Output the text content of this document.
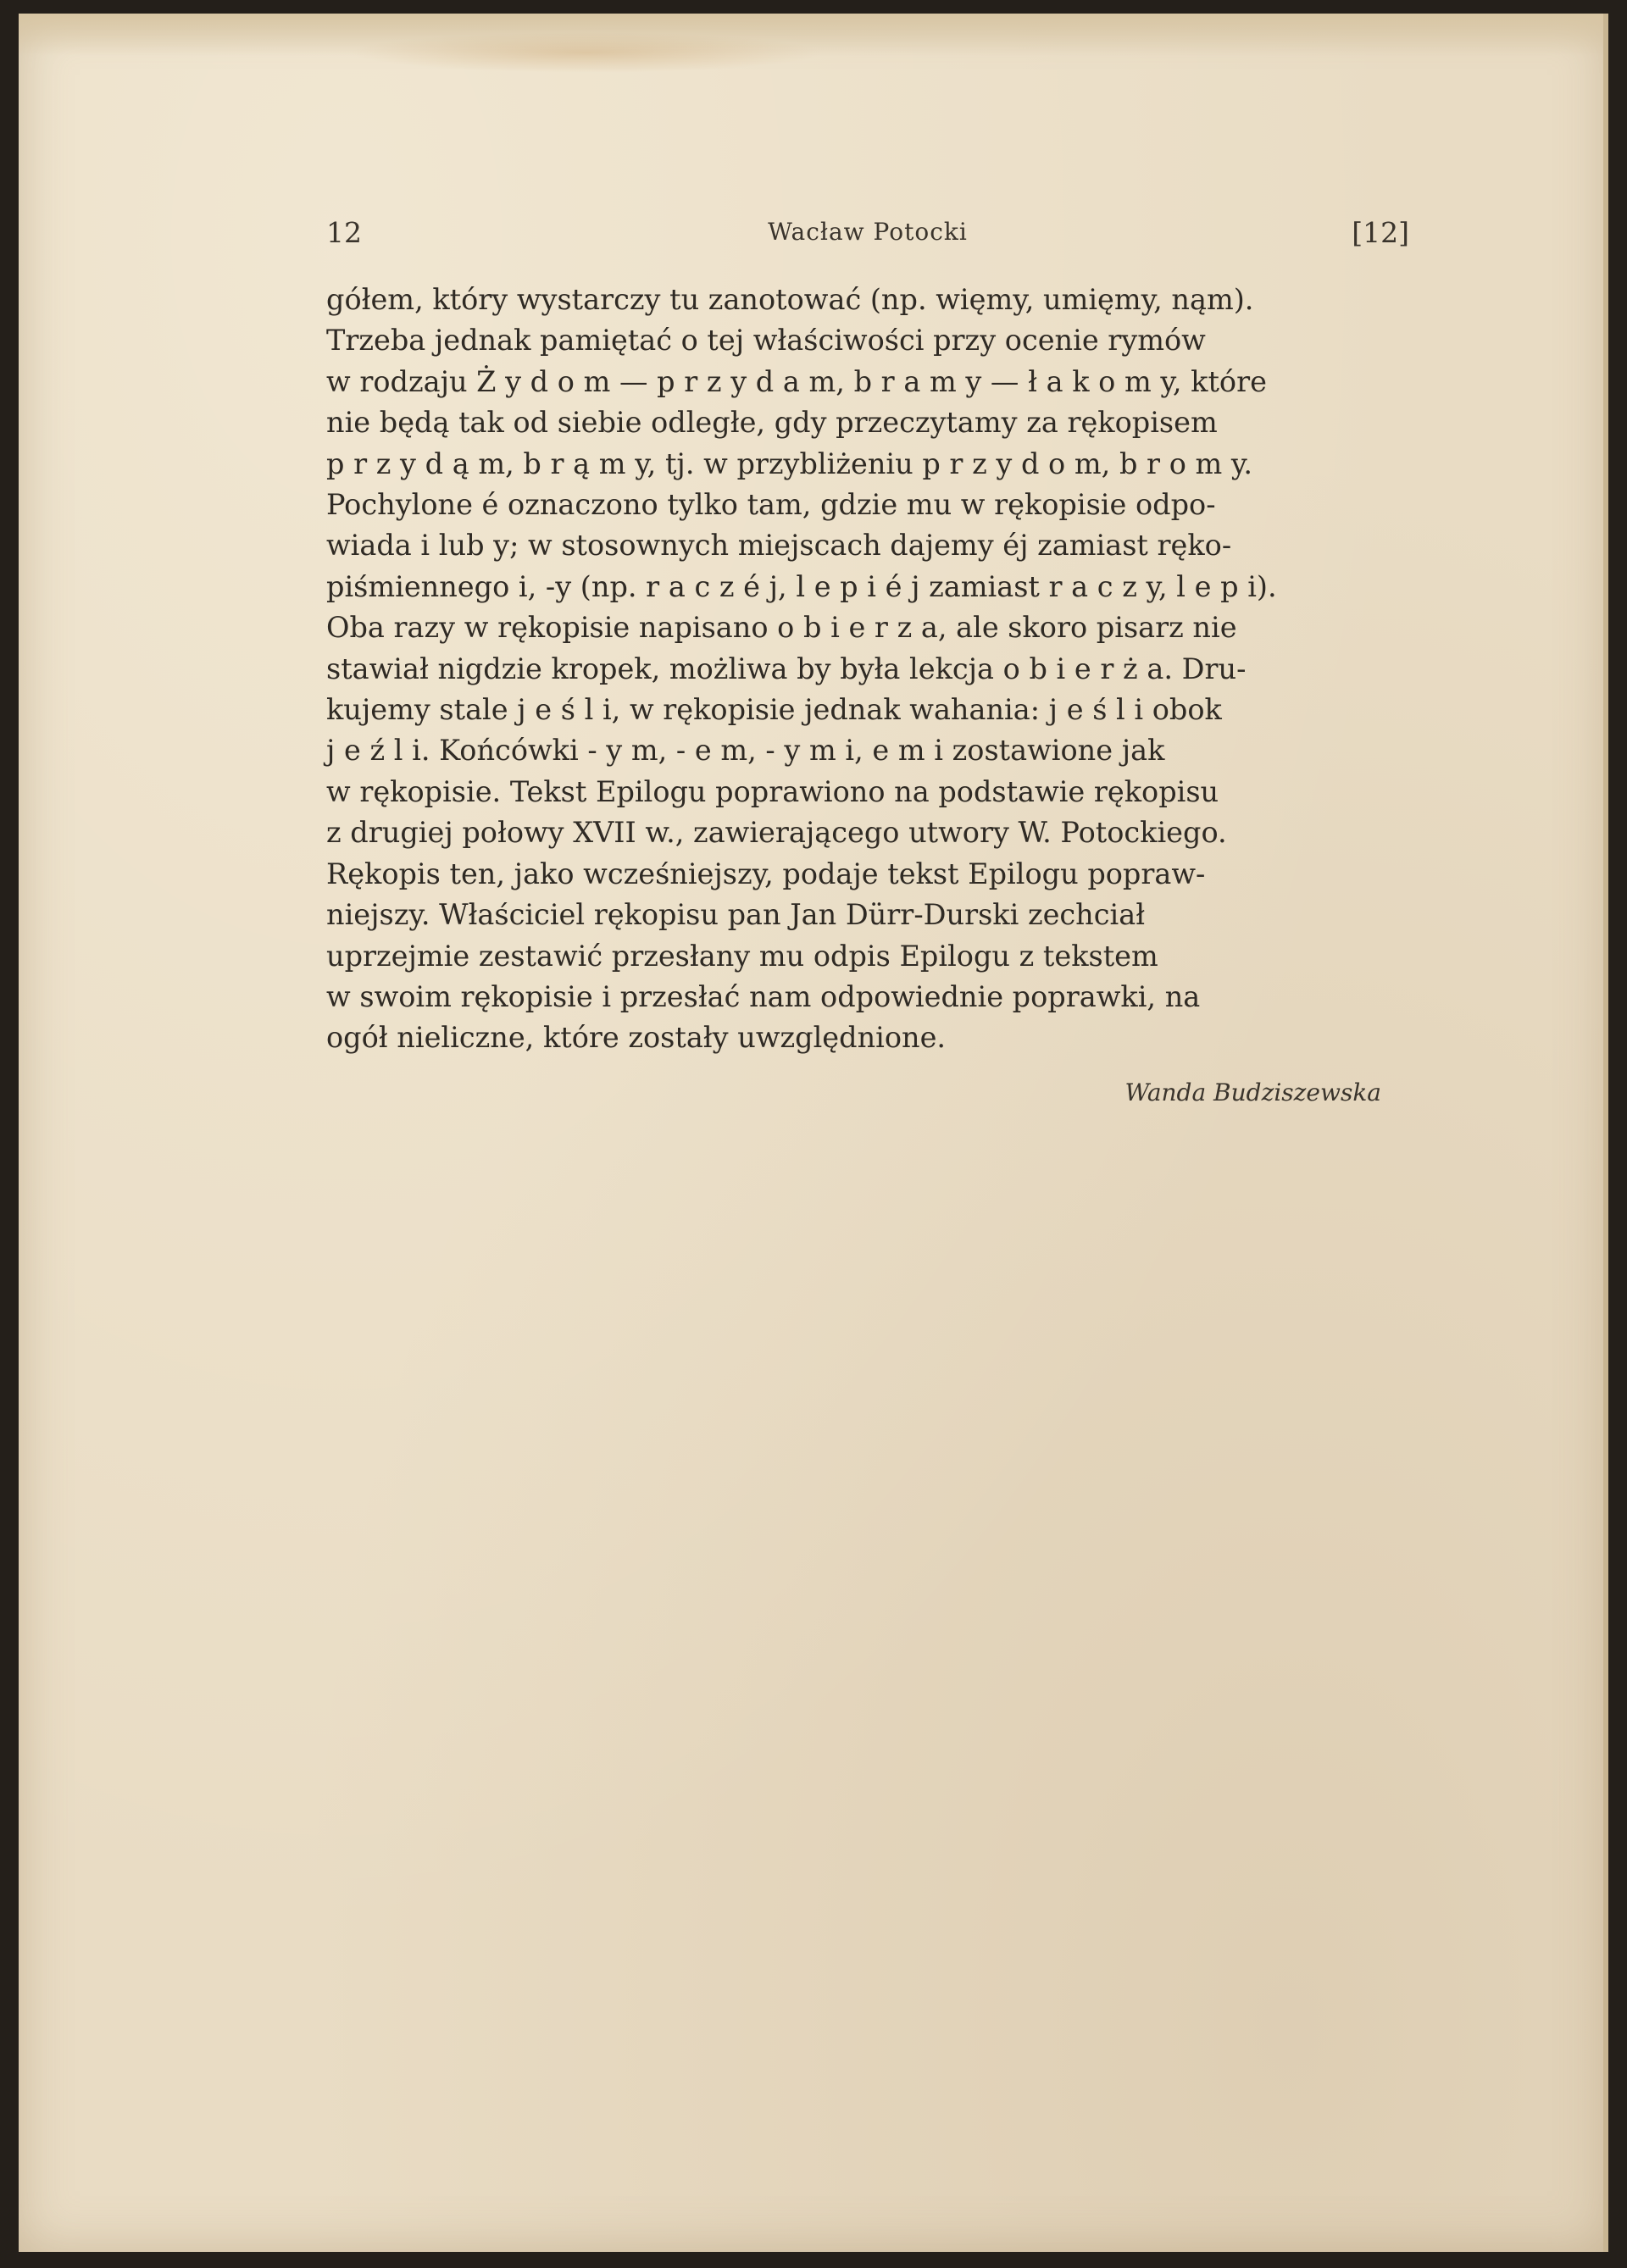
12	Wacław Potocki	[12]
gółem, który wystarczy tu zanotować (np. więmy, umięmy, nąm).
Trzeba jednak pamiętać o tej właściwości przy ocenie rymów
w rodzaju Ż y d o m — p r z y d a m, b r a m y — ł a k o m y, które
nie będą tak od siebie odległe, gdy przeczytamy za rękopisem
p r z y d ą m, b r ą m y, tj. w przybliżeniu p r z y d o m, b r o m y.
Pochylone é oznaczono tylko tam, gdzie mu w rękopisie odpo-
wiada i lub y; w stosownych miejscach dajemy éj zamiast ręko-
piśmiennego i, -y (np. r a c z é j, l e p i é j zamiast r a c z y, l e p i).
Oba razy w rękopisie napisano o b i e r z a, ale skoro pisarz nie
stawiał nigdzie kropek, możliwa by była lekcja o b i e r ż a. Dru-
kujemy stale j e ś l i, w rękopisie jednak wahania: j e ś l i obok
j e ź l i. Końcówki - y m, - e m, - y m i, e m i zostawione jak
w rękopisie. Tekst Epilogu poprawiono na podstawie rękopisu
z drugiej połowy XVII w., zawierającego utwory W. Potockiego.
Rękopis ten, jako wcześniejszy, podaje tekst Epilogu popraw-
niejszy. Właściciel rękopisu pan Jan Dürr-Durski zechciał
uprzejmie zestawić przesłany mu odpis Epilogu z tekstem
w swoim rękopisie i przesłać nam odpowiednie poprawki, na
ogół nieliczne, które zostały uwzględnione.
Wanda Budziszewska
